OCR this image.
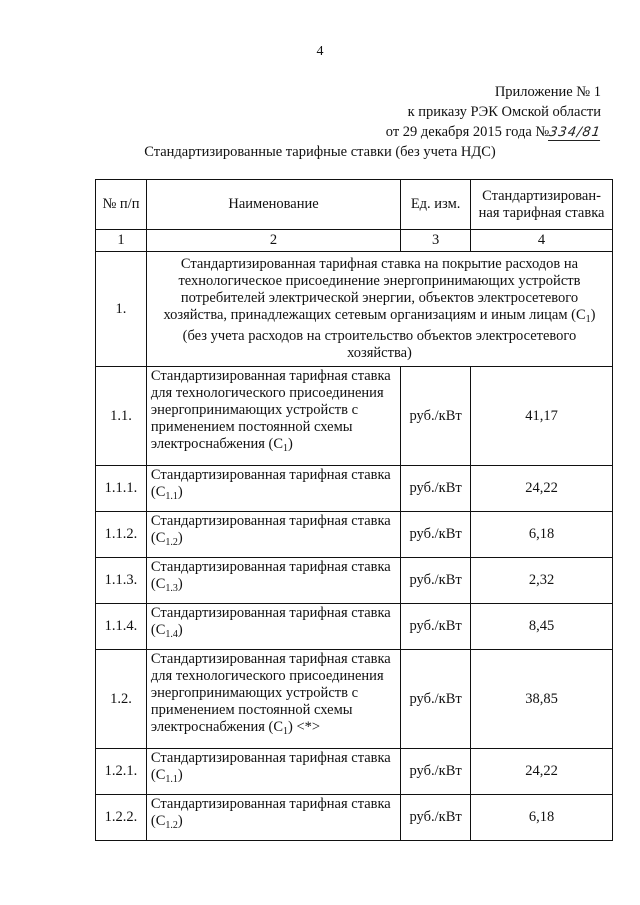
4
Приложение № 1
к приказу РЭК Омской области
от 29 декабря 2015 года №334/81
Стандартизированные тарифные ставки (без учета НДС)
№ п/п	Наименование	Ед. изм.	Стандартизирован-ная тарифная ставка
1	2	3	4
1.	Стандартизированная тарифная ставка на покрытие расходов на технологическое присоединение энергопринимающих устройств потребителей электрической энергии, объектов электросетевого хозяйства, принадлежащих сетевым организациям и иным лицам $(С_1)$ (без учета расходов на строительство объектов электросетевого хозяйства)		
1.1.	Стандартизированная тарифная ставка для технологического присоединения энергопринимающих устройств с применением постоянной схемы электроснабжения $(С_1)$	руб./кВт	41,17
1.1.1.	Стандартизированная тарифная ставка $(С_{1.1})$	руб./кВт	24,22
1.1.2.	Стандартизированная тарифная ставка $(С_{1.2})$	руб./кВт	6,18
1.1.3.	Стандартизированная тарифная ставка $(С_{1.3})$	руб./кВт	2,32
1.1.4.	Стандартизированная тарифная ставка $(С_{1.4})$	руб./кВт	8,45
1.2.	Стандартизированная тарифная ставка для технологического присоединения энергопринимающих устройств с применением постоянной схемы электроснабжения $(С_1)$ <*>	руб./кВт	38,85
1.2.1.	Стандартизированная тарифная ставка $(С_{1.1})$	руб./кВт	24,22
1.2.2.	Стандартизированная тарифная ставка $(С_{1.2})$	руб./кВт	6,18
